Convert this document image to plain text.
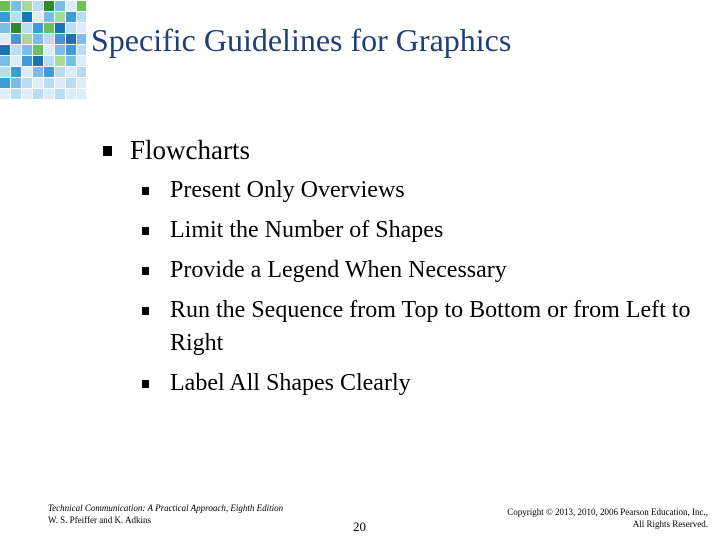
Specific Guidelines for Graphics
Flowcharts
Present Only Overviews
Limit the Number of Shapes
Provide a Legend When Necessary
Run the Sequence from Top to Bottom or from Left to Right
Label All Shapes Clearly
Technical Communication: A Practical Approach, Eighth Edition
W. S. Pfeiffer and K. Adkins	20
Copyright © 2013, 2010, 2006 Pearson Education, Inc.,
All Rights Reserved.
